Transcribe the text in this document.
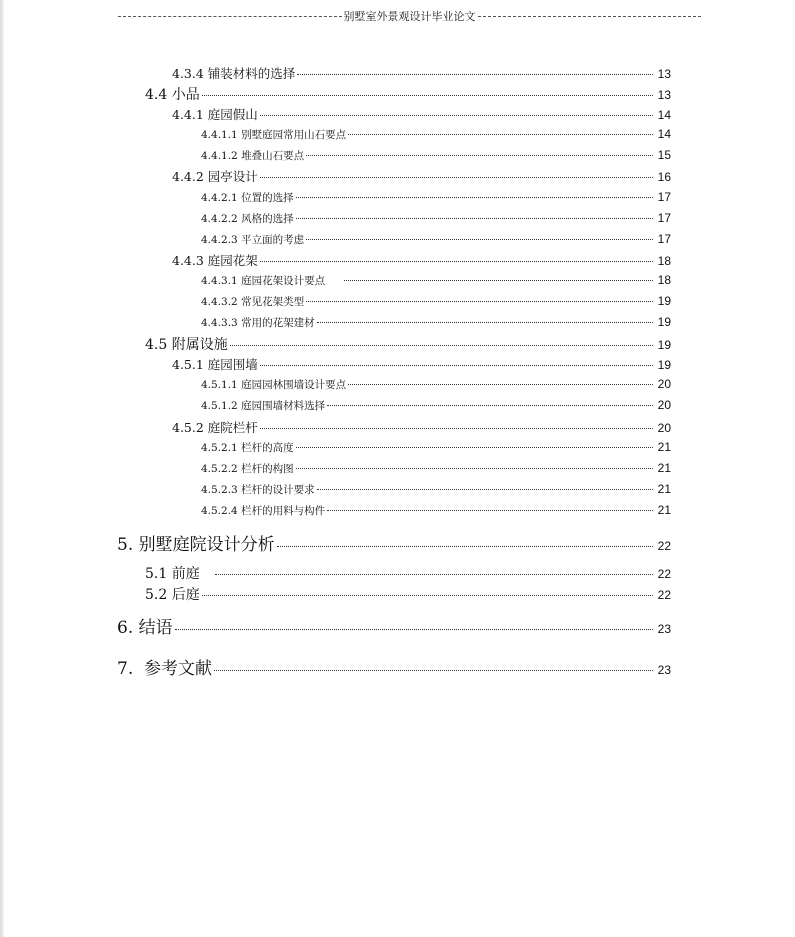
别墅室外景观设计毕业论文
4.3.4 铺装材料的选择	13
4.4 小品	13
4.4.1 庭园假山	14
4.4.1.1 别墅庭园常用山石要点	14
4.4.1.2 堆叠山石要点	15
4.4.2 园亭设计	16
4.4.2.1 位置的选择	17
4.4.2.2 风格的选择	17
4.4.2.3 平立面的考虑	17
4.4.3 庭园花架	18
4.4.3.1 庭园花架设计要点	18
4.4.3.2 常见花架类型	19
4.4.3.3 常用的花架建材	19
4.5 附属设施	19
4.5.1 庭园围墙	19
4.5.1.1 庭园园林围墙设计要点	20
4.5.1.2 庭园围墙材料选择	20
4.5.2 庭院栏杆	20
4.5.2.1 栏杆的高度	21
4.5.2.2 栏杆的构图	21
4.5.2.3 栏杆的设计要求	21
4.5.2.4 栏杆的用料与构件	21
5. 别墅庭院设计分析	22
5.1 前庭	22
5.2 后庭	22
6. 结语	23
7.  参考文献	23
